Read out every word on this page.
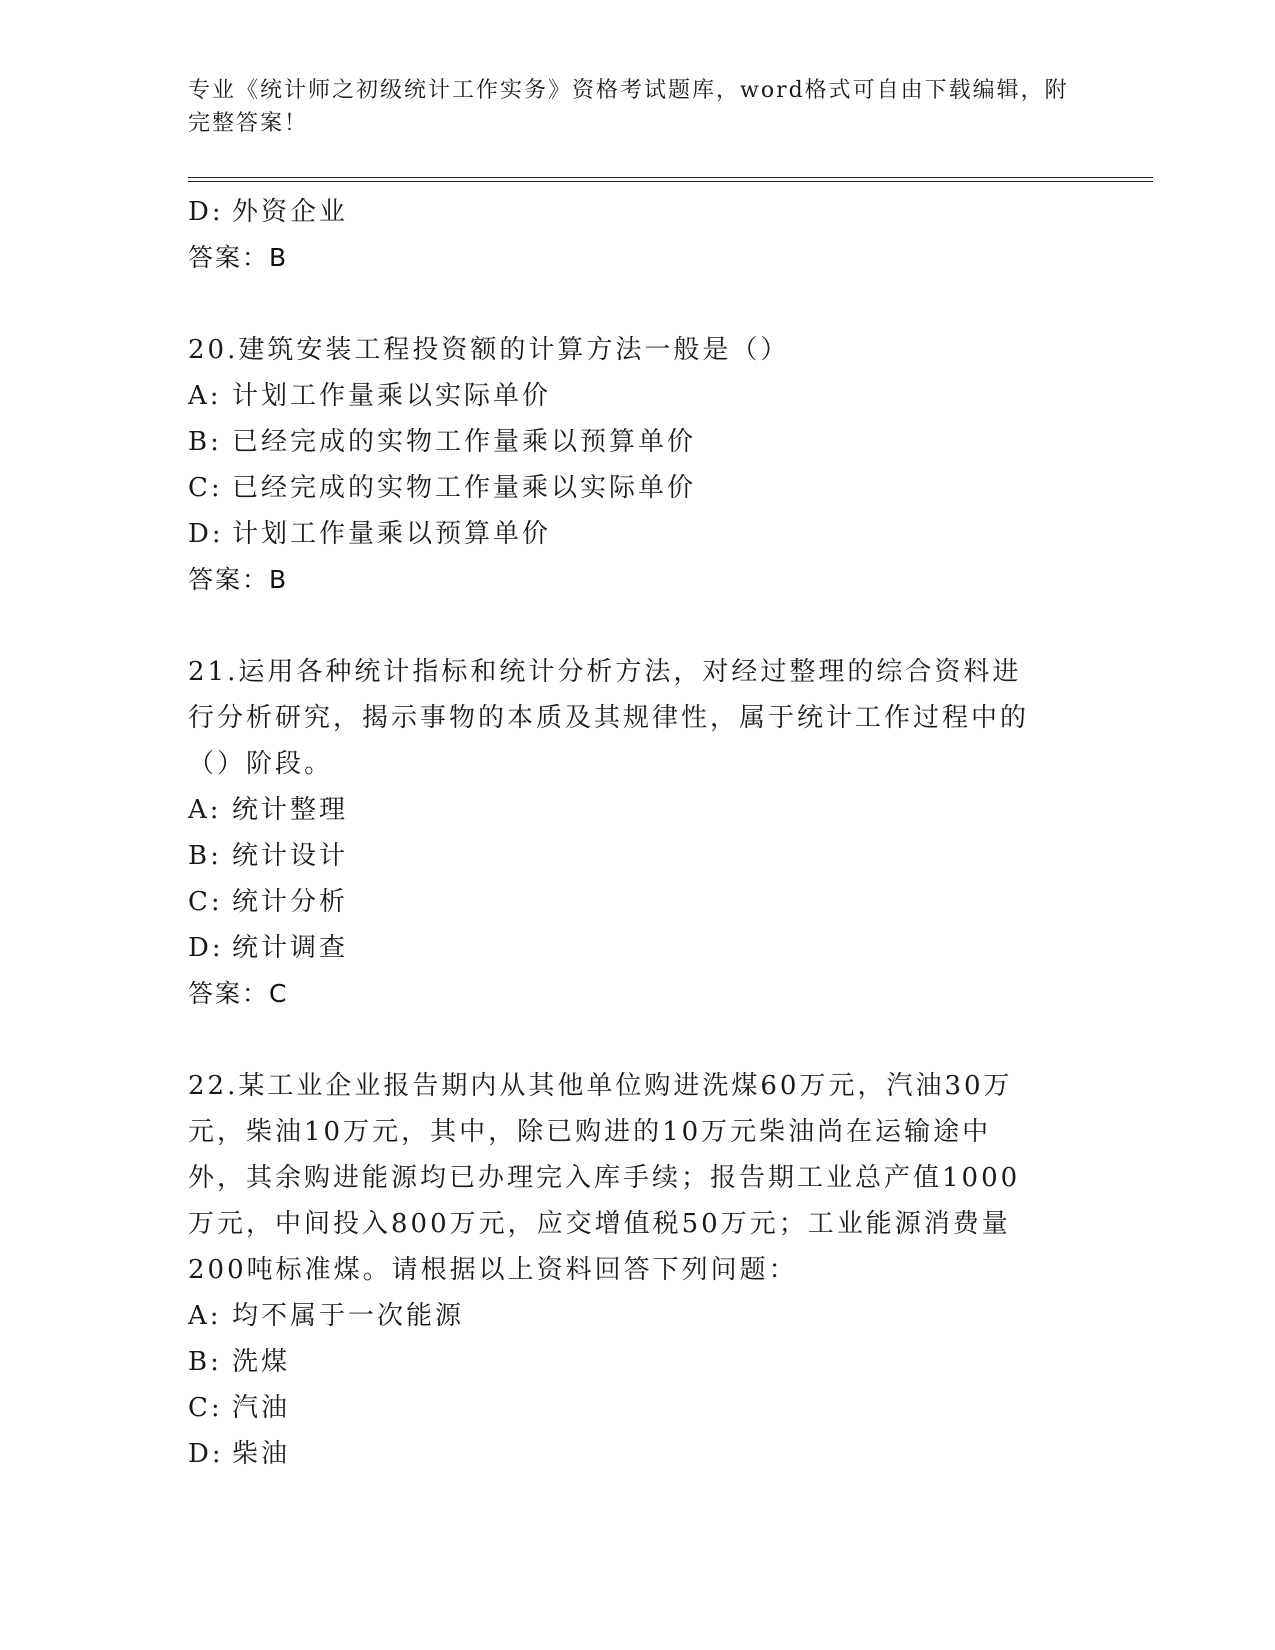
专业《统计师之初级统计工作实务》资格考试题库，word格式可自由下载编辑，附完整答案！
D: 外资企业
答案：B
20.建筑安装工程投资额的计算方法一般是（）
A: 计划工作量乘以实际单价
B: 已经完成的实物工作量乘以预算单价
C: 已经完成的实物工作量乘以实际单价
D: 计划工作量乘以预算单价
答案：B
21.运用各种统计指标和统计分析方法，对经过整理的综合资料进行分析研究，揭示事物的本质及其规律性，属于统计工作过程中的（）阶段。
A: 统计整理
B: 统计设计
C: 统计分析
D: 统计调查
答案：C
22.某工业企业报告期内从其他单位购进洗煤60万元，汽油30万元，柴油10万元，其中，除已购进的10万元柴油尚在运输途中外，其余购进能源均已办理完入库手续；报告期工业总产值1000万元，中间投入800万元，应交增值税50万元；工业能源消费量200吨标准煤。请根据以上资料回答下列问题：
A: 均不属于一次能源
B: 洗煤
C: 汽油
D: 柴油
